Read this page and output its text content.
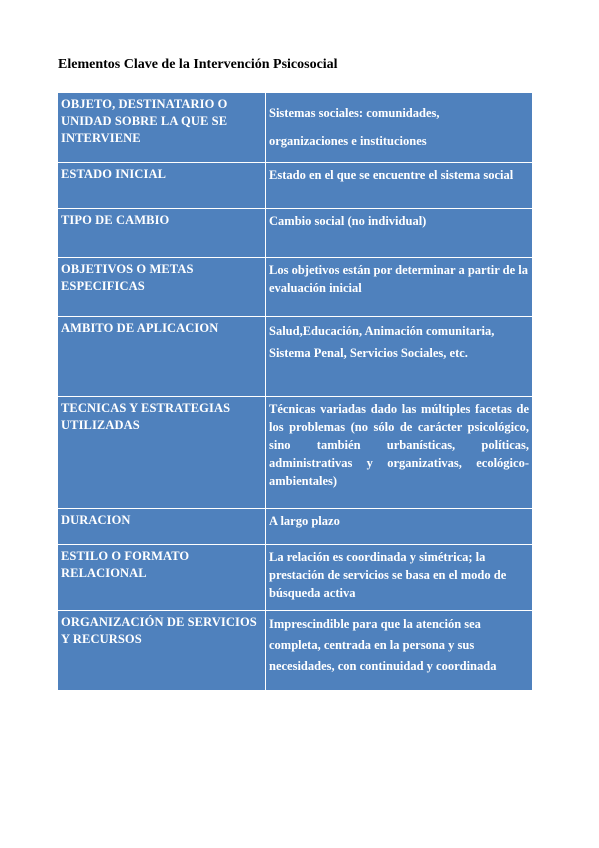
Elementos Clave de la Intervención Psicosocial
OBJETO, DESTINATARIO O UNIDAD SOBRE LA QUE SE INTERVIENE	Sistemas sociales: comunidades,
organizaciones e instituciones

ESTADO INICIAL	Estado en el que se encuentre el sistema social
TIPO DE CAMBIO	Cambio social (no individual)
OBJETIVOS O METAS ESPECIFICAS	Los objetivos están por determinar a partir de la evaluación inicial
AMBITO DE APLICACION	Salud,Educación, Animación comunitaria, Sistema Penal, Servicios Sociales, etc.
TECNICAS Y ESTRATEGIAS UTILIZADAS	Técnicas variadas dado las múltiples facetas de los problemas (no sólo de carácter psicológico, sino también urbanísticas, políticas, administrativas y organizativas, ecológico-ambientales)
DURACION	A largo plazo
ESTILO O FORMATO RELACIONAL	La relación es coordinada y simétrica; la prestación de servicios se basa en el modo de búsqueda activa
ORGANIZACIÓN DE SERVICIOS Y RECURSOS	Imprescindible para que la atención sea completa, centrada en la persona y sus necesidades, con continuidad y coordinada
